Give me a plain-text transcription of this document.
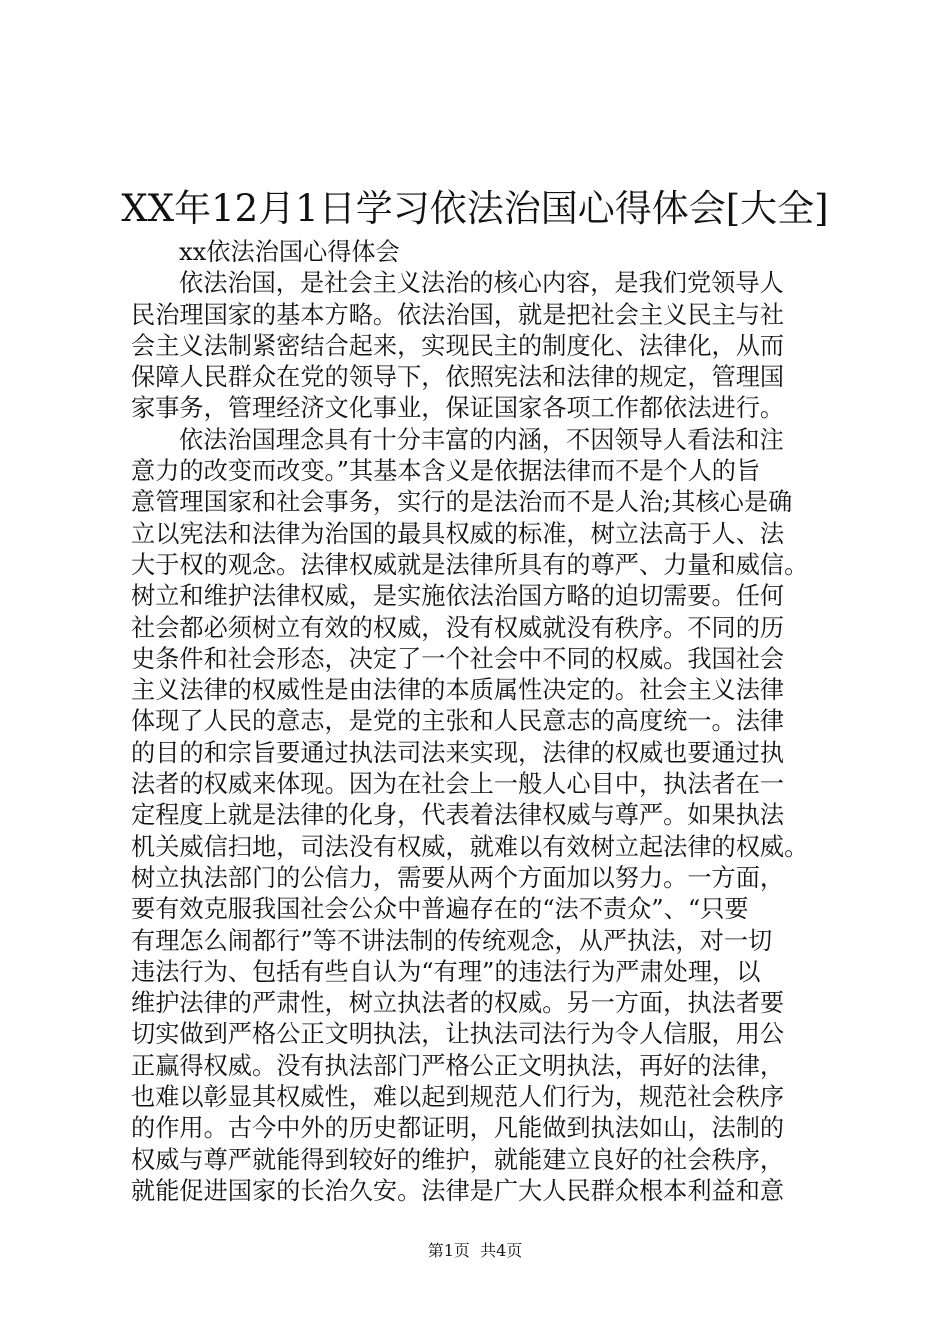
XX年12月1日学习依法治国心得体会[大全]
xx依法治国心得体会
依法治国，是社会主义法治的核心内容，是我们党领导人
民治理国家的基本方略。依法治国，就是把社会主义民主与社
会主义法制紧密结合起来，实现民主的制度化、法律化，从而
保障人民群众在党的领导下，依照宪法和法律的规定，管理国
家事务，管理经济文化事业，保证国家各项工作都依法进行。
依法治国理念具有十分丰富的内涵，不因领导人看法和注
意力的改变而改变。”其基本含义是依据法律而不是个人的旨
意管理国家和社会事务，实行的是法治而不是人治;其核心是确
立以宪法和法律为治国的最具权威的标准，树立法高于人、法
大于权的观念。法律权威就是法律所具有的尊严、力量和威信。
树立和维护法律权威，是实施依法治国方略的迫切需要。任何
社会都必须树立有效的权威，没有权威就没有秩序。不同的历
史条件和社会形态，决定了一个社会中不同的权威。我国社会
主义法律的权威性是由法律的本质属性决定的。社会主义法律
体现了人民的意志，是党的主张和人民意志的高度统一。法律
的目的和宗旨要通过执法司法来实现，法律的权威也要通过执
法者的权威来体现。因为在社会上一般人心目中，执法者在一
定程度上就是法律的化身，代表着法律权威与尊严。如果执法
机关威信扫地，司法没有权威，就难以有效树立起法律的权威。
树立执法部门的公信力，需要从两个方面加以努力。一方面，
要有效克服我国社会公众中普遍存在的“法不责众”、“只要
有理怎么闹都行”等不讲法制的传统观念，从严执法，对一切
违法行为、包括有些自认为“有理”的违法行为严肃处理，以
维护法律的严肃性，树立执法者的权威。另一方面，执法者要
切实做到严格公正文明执法，让执法司法行为令人信服，用公
正赢得权威。没有执法部门严格公正文明执法，再好的法律，
也难以彰显其权威性，难以起到规范人们行为，规范社会秩序
的作用。古今中外的历史都证明，凡能做到执法如山，法制的
权威与尊严就能得到较好的维护，就能建立良好的社会秩序，
就能促进国家的长治久安。法律是广大人民群众根本利益和意
第1页  共4页
